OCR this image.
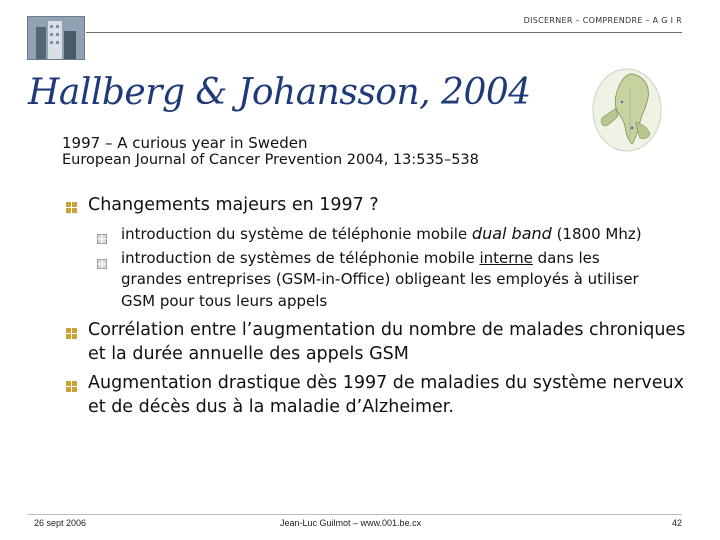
DISCERNER – COMPRENDRE – A G I R
Hallberg & Johansson, 2004
1997 – A curious year in Sweden
European Journal of Cancer Prevention 2004, 13:535–538
Changements majeurs en 1997 ?
introduction du système de téléphonie mobile dual band (1800 Mhz)
introduction de systèmes de téléphonie mobile interne dans les
grandes entreprises (GSM-in-Office) obligeant les employés à utiliser
GSM pour tous leurs appels
Corrélation entre l’augmentation du nombre de malades chroniques
et la durée annuelle des appels GSM
Augmentation drastique dès 1997 de maladies du système nerveux
et de décès dus à la maladie d’Alzheimer.
26 sept 2006	Jean-Luc Guilmot – www.001.be.cx	42
